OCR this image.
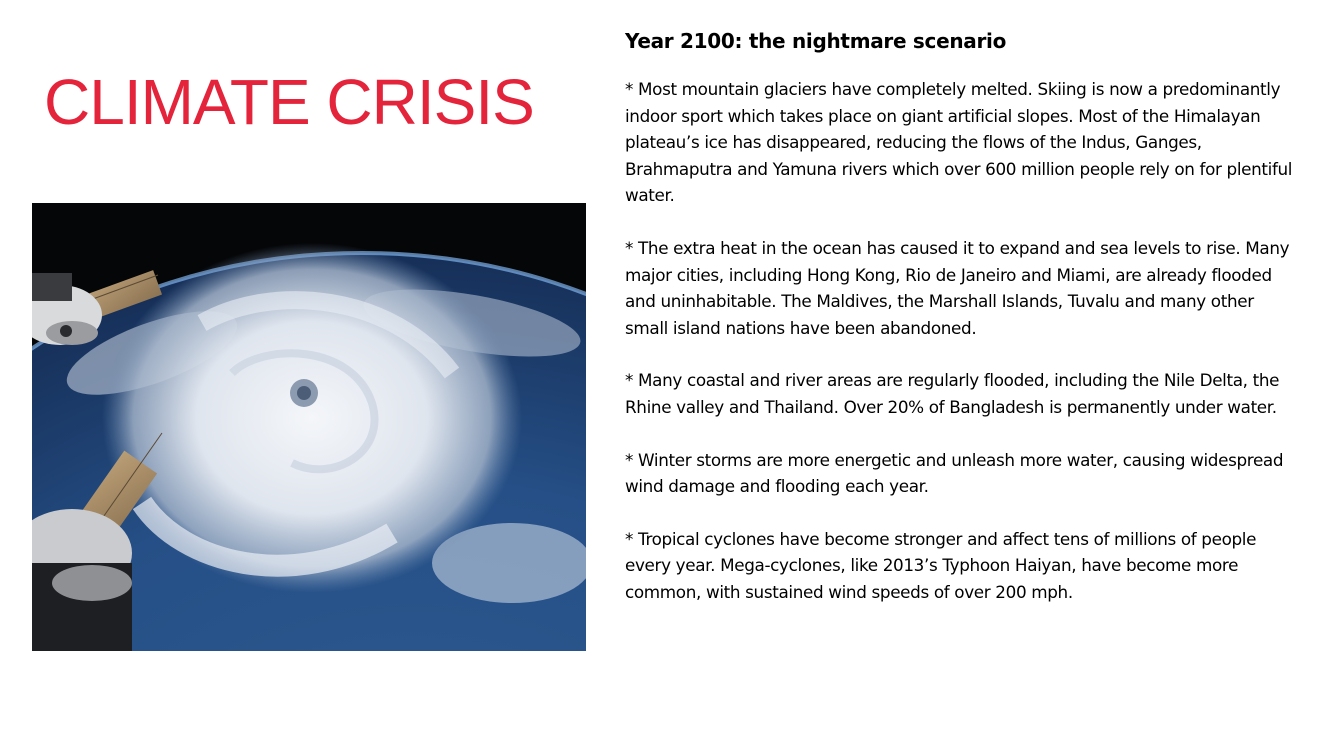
CLIMATE CRISIS
Year 2100: the nightmare scenario

* Most mountain glaciers have completely melted. Skiing is now a predominantly indoor sport which takes place on giant artificial slopes. Most of the Himalayan plateau’s ice has disappeared, reducing the flows of the Indus, Ganges, Brahmaputra and Yamuna rivers which over 600 million people rely on for plentiful water.

* The extra heat in the ocean has caused it to expand and sea levels to rise. Many major cities, including Hong Kong, Rio de Janeiro and Miami, are already flooded and uninhabitable. The Maldives, the Marshall Islands, Tuvalu and many other small island nations have been abandoned.

* Many coastal and river areas are regularly flooded, including the Nile Delta, the Rhine valley and Thailand. Over 20% of Bangladesh is permanently under water.

* Winter storms are more energetic and unleash more water, causing widespread wind damage and flooding each year.

* Tropical cyclones have become stronger and affect tens of millions of people every year. Mega-cyclones, like 2013’s Typhoon Haiyan, have become more common, with sustained wind speeds of over 200 mph.
